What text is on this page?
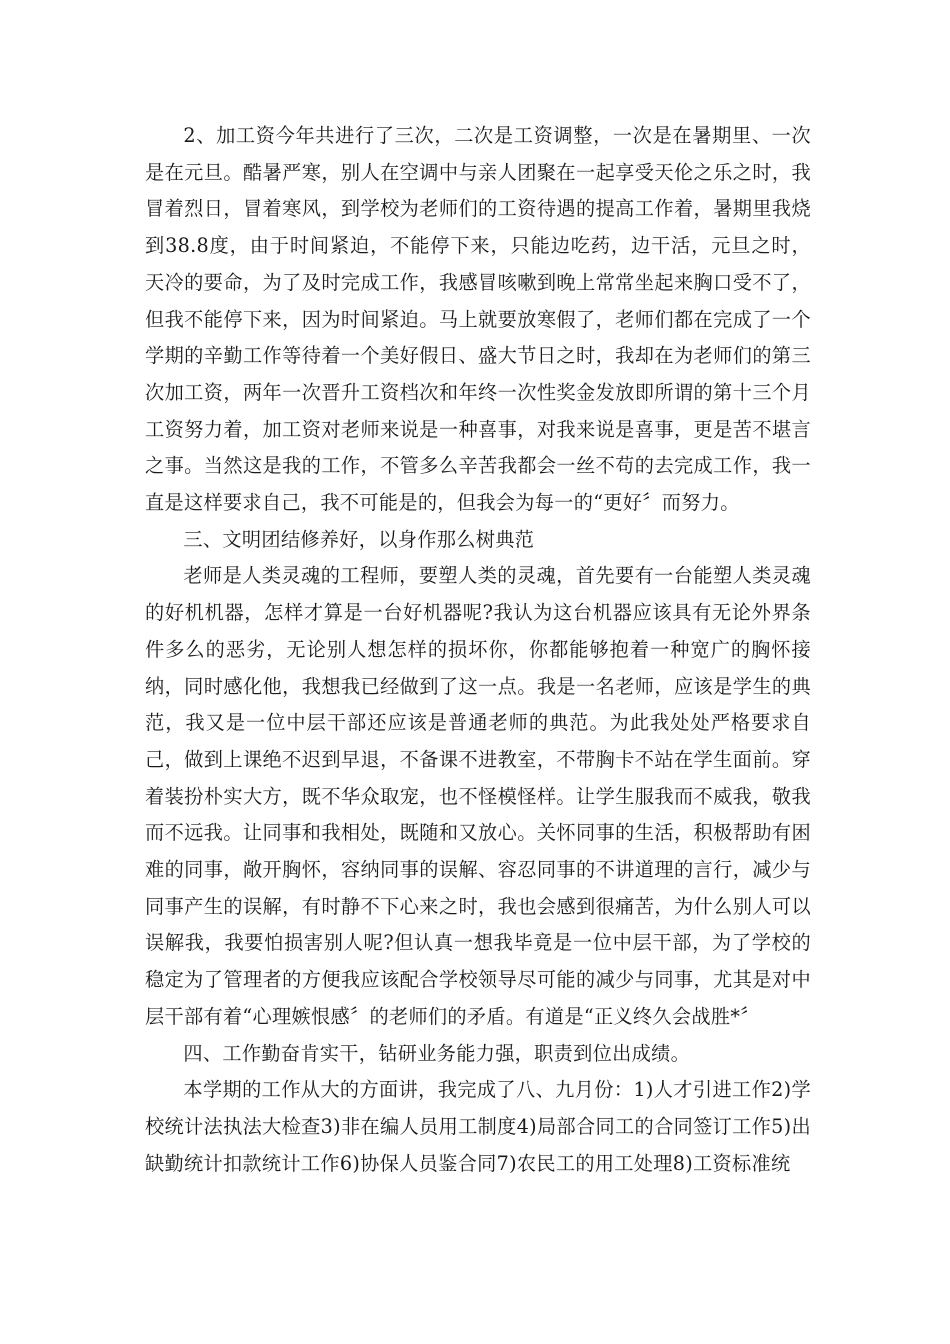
2、加工资今年共进行了三次，二次是工资调整，一次是在暑期里、一次是在元旦。酷暑严寒，别人在空调中与亲人团聚在一起享受天伦之乐之时，我冒着烈日，冒着寒风，到学校为老师们的工资待遇的提高工作着，暑期里我烧到38.8度，由于时间紧迫，不能停下来，只能边吃药，边干活，元旦之时，天冷的要命，为了及时完成工作，我感冒咳嗽到晚上常常坐起来胸口受不了，但我不能停下来，因为时间紧迫。马上就要放寒假了，老师们都在完成了一个学期的辛勤工作等待着一个美好假日、盛大节日之时，我却在为老师们的第三次加工资，两年一次晋升工资档次和年终一次性奖金发放即所谓的第十三个月工资努力着，加工资对老师来说是一种喜事，对我来说是喜事，更是苦不堪言之事。当然这是我的工作，不管多么辛苦我都会一丝不苟的去完成工作，我一直是这样要求自己，我不可能是的，但我会为每一的“更好〞而努力。

三、文明团结修养好，以身作那么树典范

老师是人类灵魂的工程师，要塑人类的灵魂，首先要有一台能塑人类灵魂的好机机器，怎样才算是一台好机器呢?我认为这台机器应该具有无论外界条件多么的恶劣，无论别人想怎样的损坏你，你都能够抱着一种宽广的胸怀接纳，同时感化他，我想我已经做到了这一点。我是一名老师，应该是学生的典范，我又是一位中层干部还应该是普通老师的典范。为此我处处严格要求自己，做到上课绝不迟到早退，不备课不进教室，不带胸卡不站在学生面前。穿着装扮朴实大方，既不华众取宠，也不怪模怪样。让学生服我而不威我，敬我而不远我。让同事和我相处，既随和又放心。关怀同事的生活，积极帮助有困难的同事，敞开胸怀，容纳同事的误解、容忍同事的不讲道理的言行，减少与同事产生的误解，有时静不下心来之时，我也会感到很痛苦，为什么别人可以误解我，我要怕损害别人呢?但认真一想我毕竟是一位中层干部，为了学校的稳定为了管理者的方便我应该配合学校领导尽可能的减少与同事，尤其是对中层干部有着“心理嫉恨感〞的老师们的矛盾。有道是“正义终久会战胜*〞

四、工作勤奋肯实干，钻研业务能力强，职责到位出成绩。

本学期的工作从大的方面讲，我完成了八、九月份：1)人才引进工作2)学校统计法执法大检查3)非在编人员用工制度4)局部合同工的合同签订工作5)出缺勤统计扣款统计工作6)协保人员鉴合同7)农民工的用工处理8)工资标准统
